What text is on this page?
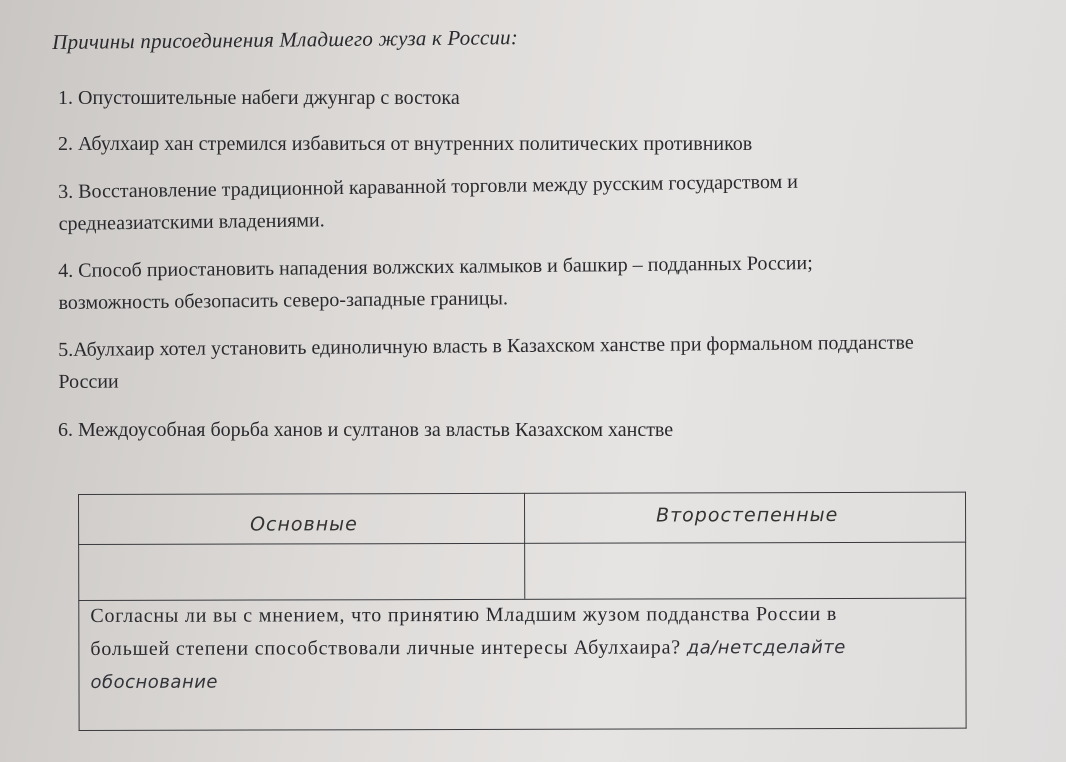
Причины присоединения Младшего жуза к России:
1. Опустошительные набеги джунгар с востока
2. Абулхаир хан стремился избавиться от внутренних политических противников
3. Восстановление традиционной караванной торговли между русским государством и
среднеазиатскими владениями.
4. Способ приостановить нападения волжских калмыков и башкир – подданных России;
возможность обезопасить северо-западные границы.
5.Абулхаир хотел установить единоличную власть в Казахском ханстве при формальном подданстве
России
6. Междоусобная борьба ханов и султанов за властьв Казахском ханстве
Основные	Второстепенные
Согласны ли вы с мнением, что принятию Младшим жузом подданства России в
большей степени способствовали личные интересы Абулхаира? да/нетсделайте
обоснование
